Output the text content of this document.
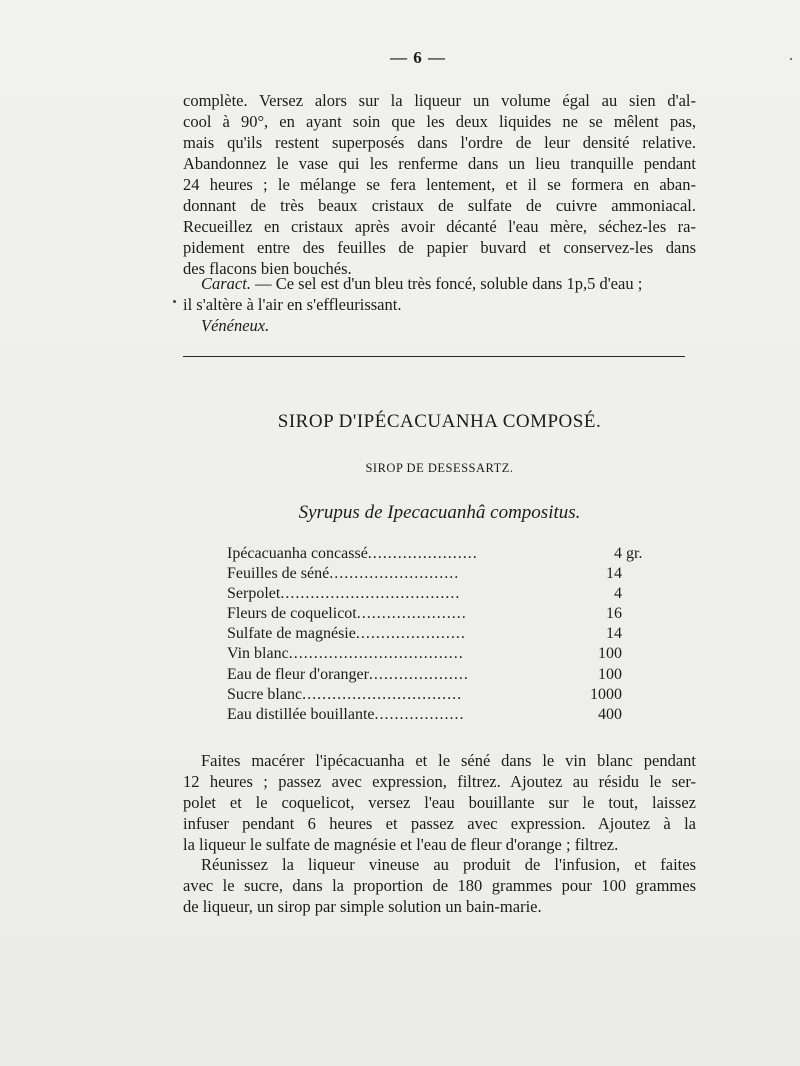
— 6 —
complète. Versez alors sur la liqueur un volume égal au sien d'al-
cool à 90°, en ayant soin que les deux liquides ne se mêlent pas,
mais qu'ils restent superposés dans l'ordre de leur densité relative.
Abandonnez le vase qui les renferme dans un lieu tranquille pendant
24 heures ; le mélange se fera lentement, et il se formera en aban-
donnant de très beaux cristaux de sulfate de cuivre ammoniacal.
Recueillez en cristaux après avoir décanté l'eau mère, séchez-les ra-
pidement entre des feuilles de papier buvard et conservez-les dans
des flacons bien bouchés.
Caract. — Ce sel est d'un bleu très foncé, soluble dans 1p,5 d'eau ;
il s'altère à l'air en s'effleurissant.
Vénéneux.
SIROP D'IPÉCACUANHA COMPOSÉ.
SIROP DE DESESSARTZ.
Syrupus de Ipecacuanhâ compositus.
Ipécacuanha concassé......................	4 gr.
Feuilles de séné..........................	14
Serpolet....................................	4
Fleurs de coquelicot......................	16
Sulfate de magnésie......................	14
Vin blanc...................................	100
Eau de fleur d'oranger....................	100
Sucre blanc................................	1000
Eau distillée bouillante..................	400
Faites macérer l'ipécacuanha et le séné dans le vin blanc pendant
12 heures ; passez avec expression, filtrez. Ajoutez au résidu le ser-
polet et le coquelicot, versez l'eau bouillante sur le tout, laissez
infuser pendant 6 heures et passez avec expression. Ajoutez à la
la liqueur le sulfate de magnésie et l'eau de fleur d'orange ; filtrez.
Réunissez la liqueur vineuse au produit de l'infusion, et faites
avec le sucre, dans la proportion de 180 grammes pour 100 grammes
de liqueur, un sirop par simple solution un bain-marie.
